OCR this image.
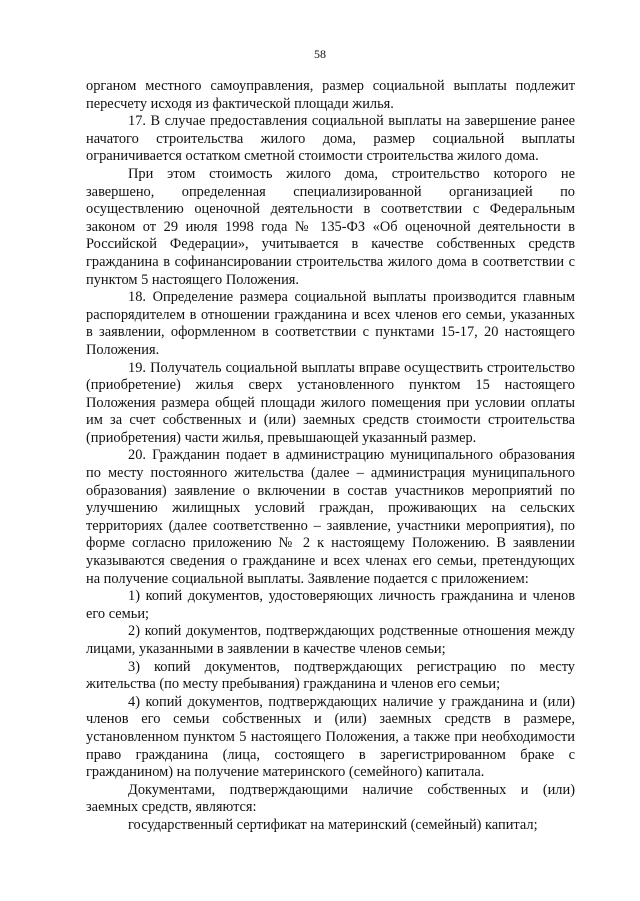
58

органом местного самоуправления, размер социальной выплаты подлежит пересчету исходя из фактической площади жилья.

17. В случае предоставления социальной выплаты на завершение ранее начатого строительства жилого дома, размер социальной выплаты ограничивается остатком сметной стоимости строительства жилого дома.

При этом стоимость жилого дома, строительство которого не завершено, определенная специализированной организацией по осуществлению оценочной деятельности в соответствии с Федеральным законом от 29 июля 1998 года № 135-ФЗ «Об оценочной деятельности в Российской Федерации», учитывается в качестве собственных средств гражданина в софинансировании строительства жилого дома в соответствии с пунктом 5 настоящего Положения.

18. Определение размера социальной выплаты производится главным распорядителем в отношении гражданина и всех членов его семьи, указанных в заявлении, оформленном в соответствии с пунктами 15-17, 20 настоящего Положения.

19. Получатель социальной выплаты вправе осуществить строительство (приобретение) жилья сверх установленного пунктом 15 настоящего Положения размера общей площади жилого помещения при условии оплаты им за счет собственных и (или) заемных средств стоимости строительства (приобретения) части жилья, превышающей указанный размер.

20. Гражданин подает в администрацию муниципального образования по месту постоянного жительства (далее – администрация муниципального образования) заявление о включении в состав участников мероприятий по улучшению жилищных условий граждан, проживающих на сельских территориях (далее соответственно – заявление, участники мероприятия), по форме согласно приложению № 2 к настоящему Положению. В заявлении указываются сведения о гражданине и всех членах его семьи, претендующих на получение социальной выплаты. Заявление подается с приложением:

1) копий документов, удостоверяющих личность гражданина и членов его семьи;

2) копий документов, подтверждающих родственные отношения между лицами, указанными в заявлении в качестве членов семьи;

3) копий документов, подтверждающих регистрацию по месту жительства (по месту пребывания) гражданина и членов его семьи;

4) копий документов, подтверждающих наличие у гражданина и (или) членов его семьи собственных и (или) заемных средств в размере, установленном пунктом 5 настоящего Положения, а также при необходимости право гражданина (лица, состоящего в зарегистрированном браке с гражданином) на получение материнского (семейного) капитала.

Документами, подтверждающими наличие собственных и (или) заемных средств, являются:

государственный сертификат на материнский (семейный) капитал;
